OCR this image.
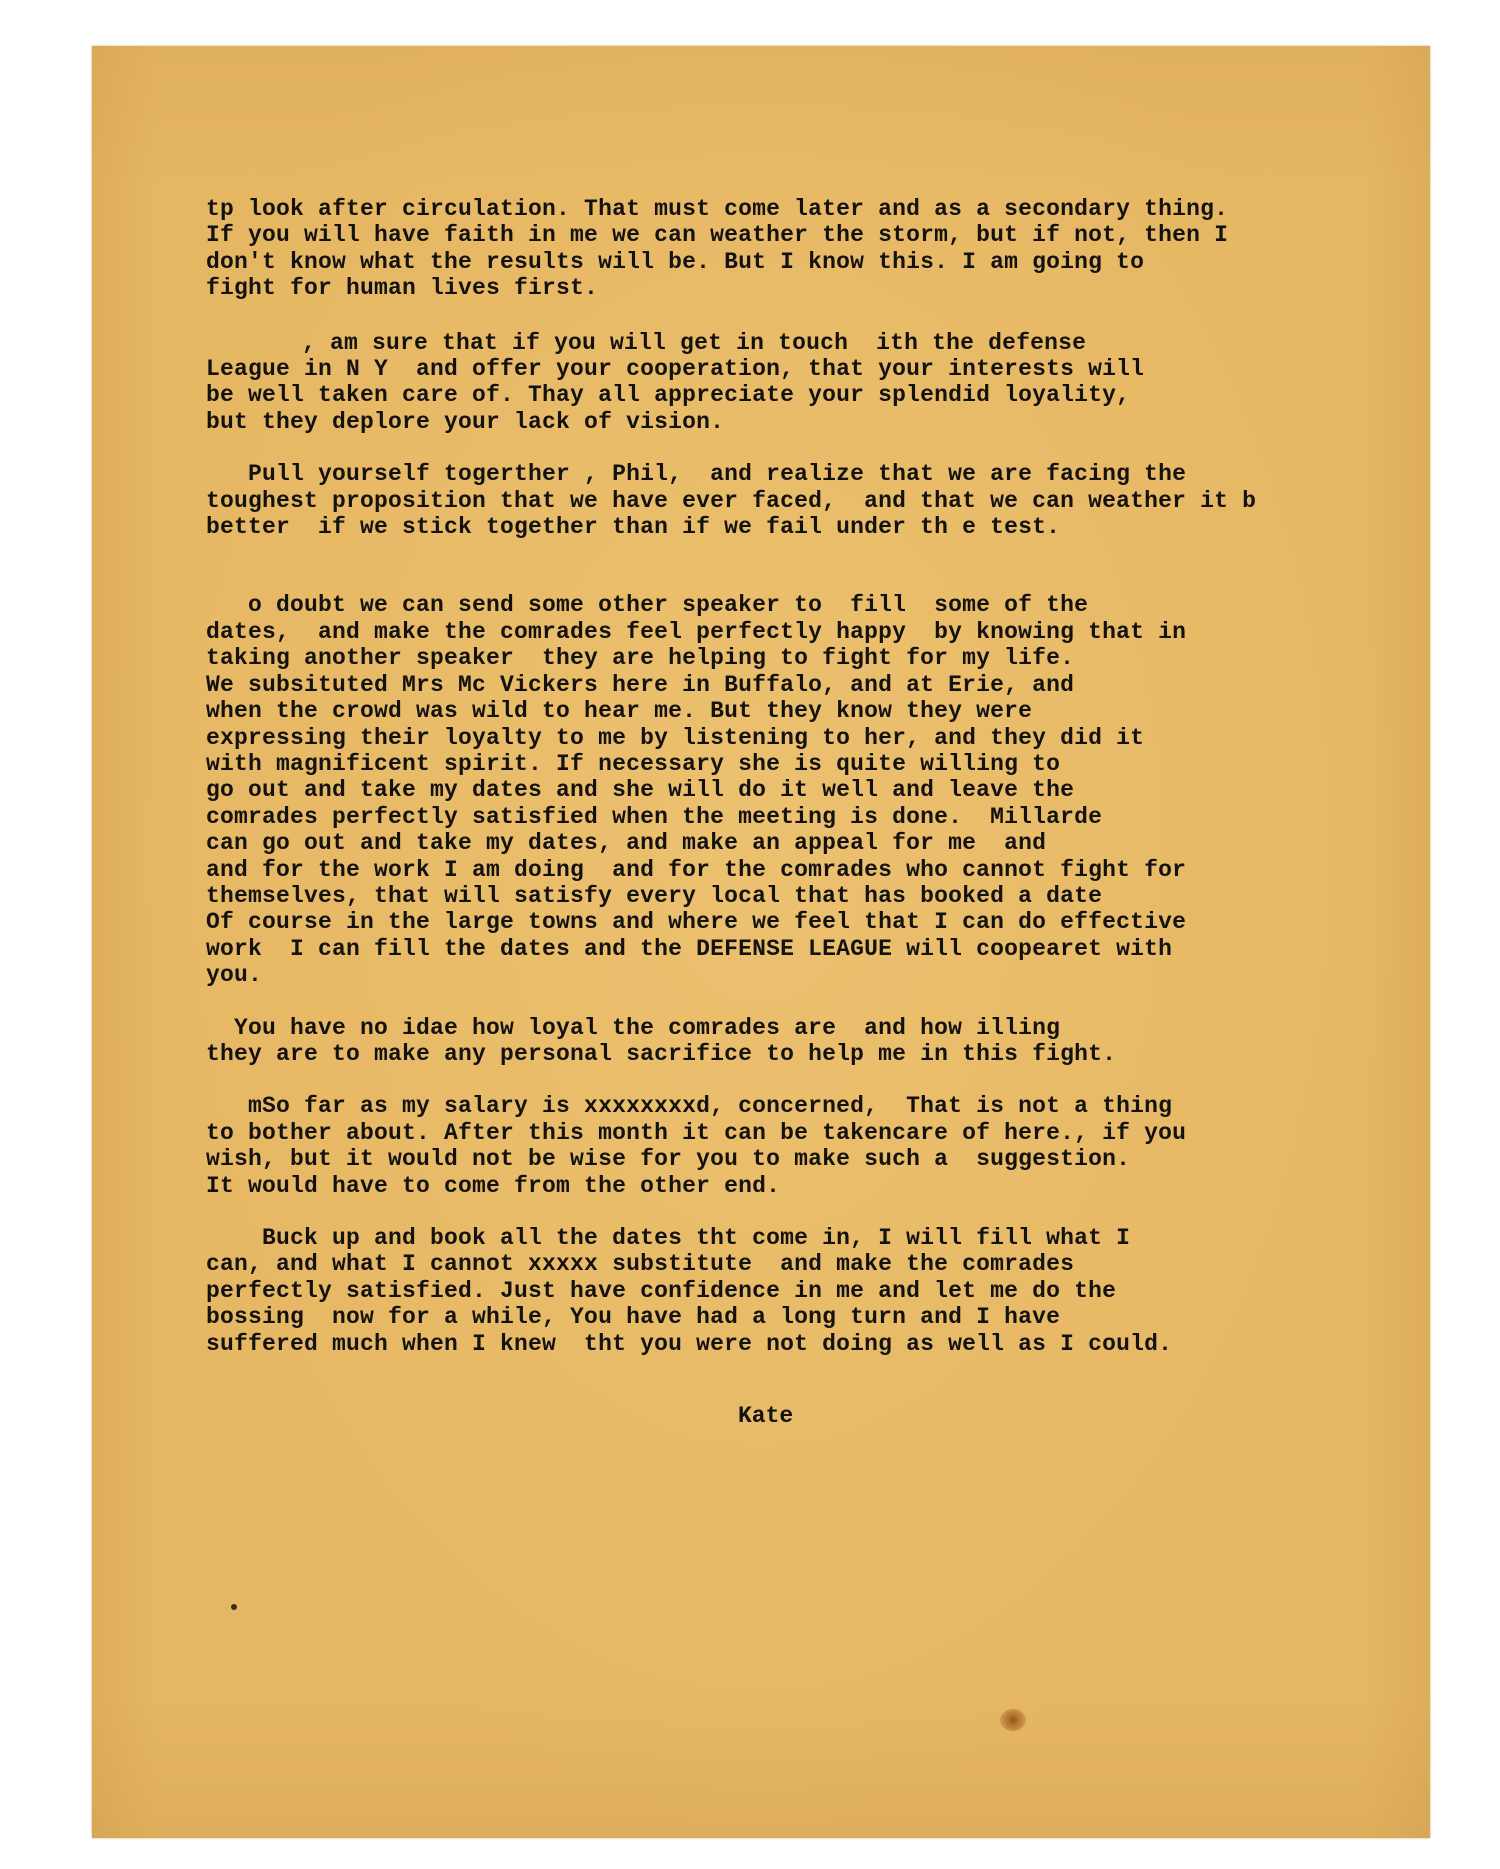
tp look after circulation. That must come later and as a secondary thing.
If you will have faith in me we can weather the storm, but if not, then I
don't know what the results will be. But I know this. I am going to
fight for human lives first.
, am sure that if you will get in touch  ith the defense
League in N Y  and offer your cooperation, that your interests will
be well taken care of. Thay all appreciate your splendid loyality,
but they deplore your lack of vision.
Pull yourself togerther , Phil,  and realize that we are facing the
toughest proposition that we have ever faced,  and that we can weather it b
better  if we stick together than if we fail under th e test.
o doubt we can send some other speaker to  fill  some of the
dates,  and make the comrades feel perfectly happy  by knowing that in
taking another speaker  they are helping to fight for my life.
We subsituted Mrs Mc Vickers here in Buffalo, and at Erie, and
when the crowd was wild to hear me. But they know they were
expressing their loyalty to me by listening to her, and they did it
with magnificent spirit. If necessary she is quite willing to
go out and take my dates and she will do it well and leave the
comrades perfectly satisfied when the meeting is done.  Millarde
can go out and take my dates, and make an appeal for me  and
and for the work I am doing  and for the comrades who cannot fight for
themselves, that will satisfy every local that has booked a date
Of course in the large towns and where we feel that I can do effective
work  I can fill the dates and the DEFENSE LEAGUE will coopearet with
you.
You have no idae how loyal the comrades are  and how illing
they are to make any personal sacrifice to help me in this fight.
mSo far as my salary is xxxxxxxxd, concerned,  That is not a thing
to bother about. After this month it can be takencare of here., if you
wish, but it would not be wise for you to make such a  suggestion.
It would have to come from the other end.
Buck up and book all the dates tht come in, I will fill what I
can, and what I cannot xxxxx substitute  and make the comrades
perfectly satisfied. Just have confidence in me and let me do the
bossing  now for a while, You have had a long turn and I have
suffered much when I knew  tht you were not doing as well as I could.
Kate
